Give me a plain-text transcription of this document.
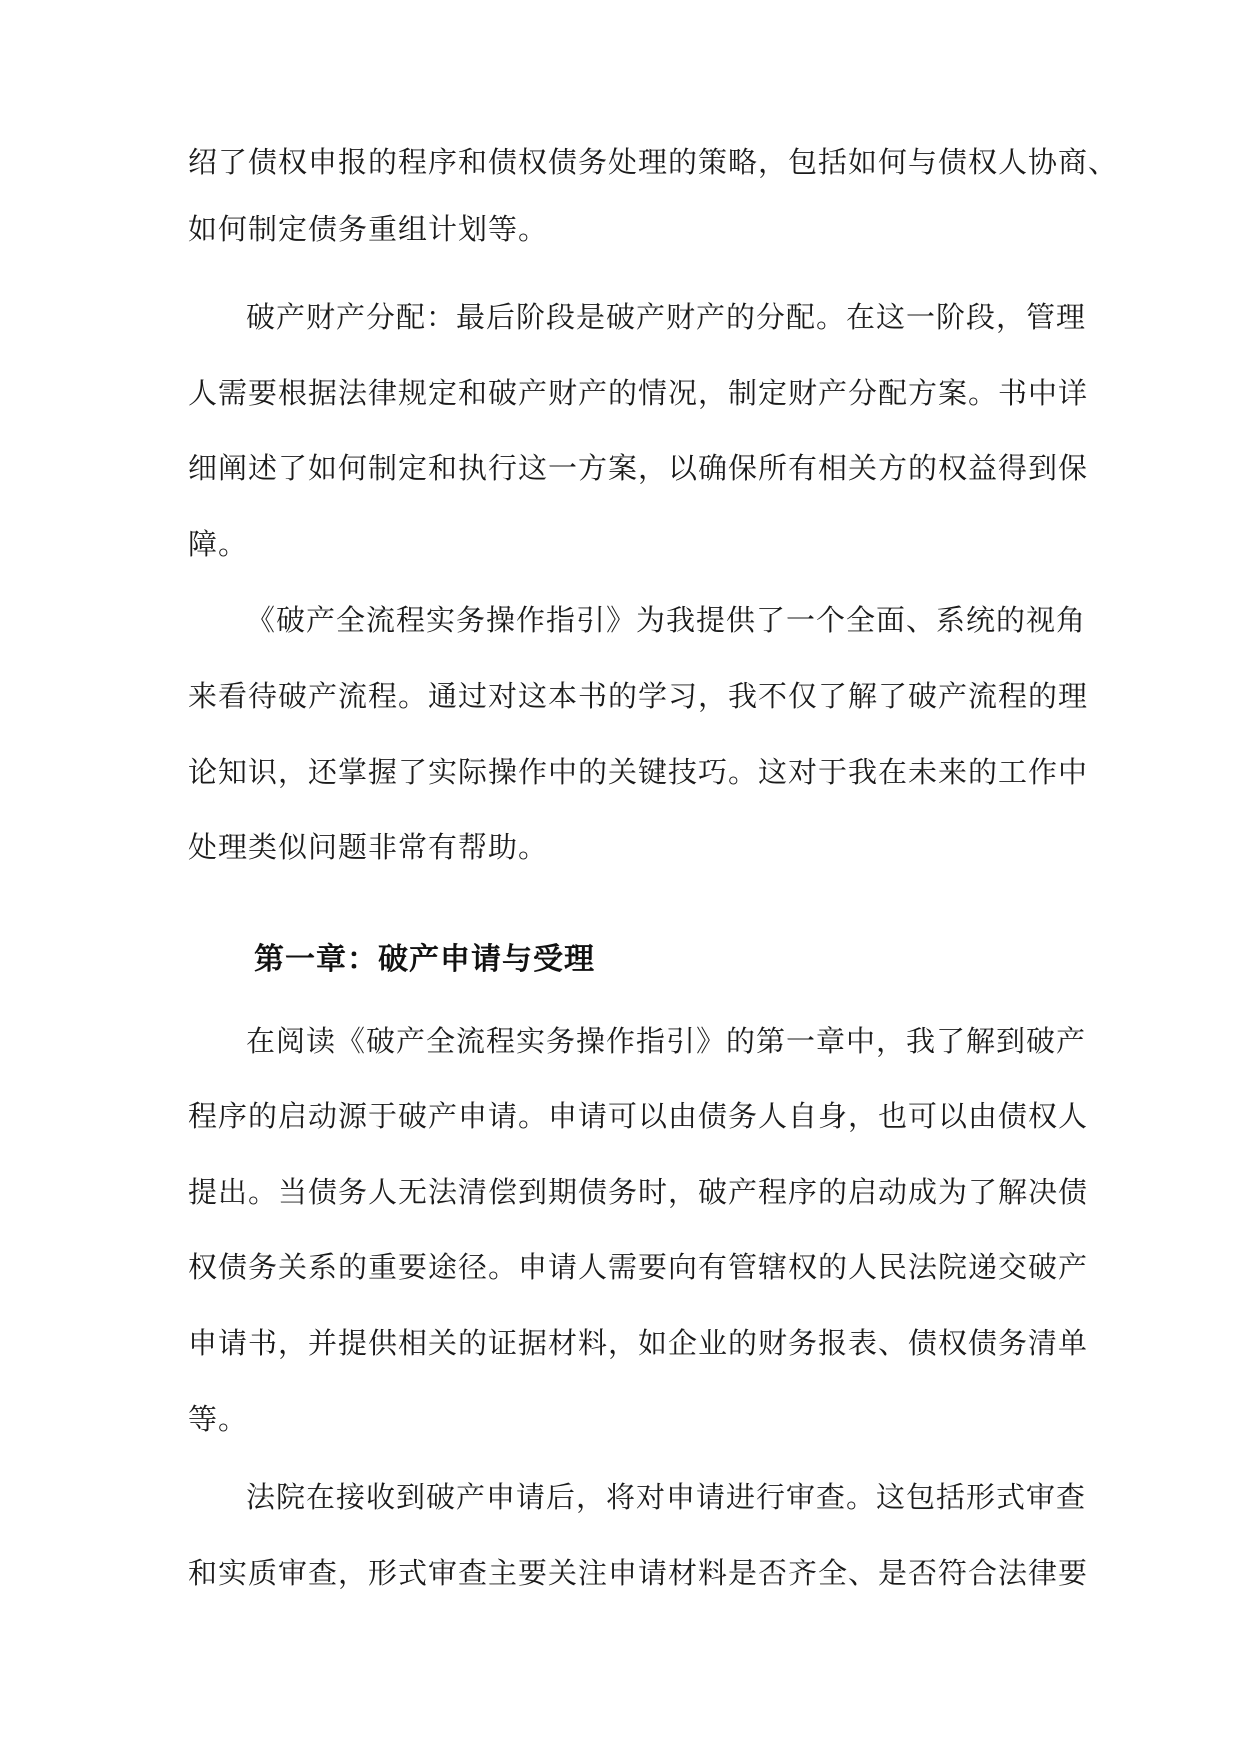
绍了债权申报的程序和债权债务处理的策略，包括如何与债权人协商、
如何制定债务重组计划等。
破产财产分配：最后阶段是破产财产的分配。在这一阶段，管理
人需要根据法律规定和破产财产的情况，制定财产分配方案。书中详
细阐述了如何制定和执行这一方案，以确保所有相关方的权益得到保
障。
《破产全流程实务操作指引》为我提供了一个全面、系统的视角
来看待破产流程。通过对这本书的学习，我不仅了解了破产流程的理
论知识，还掌握了实际操作中的关键技巧。这对于我在未来的工作中
处理类似问题非常有帮助。
第一章：破产申请与受理
在阅读《破产全流程实务操作指引》的第一章中，我了解到破产
程序的启动源于破产申请。申请可以由债务人自身，也可以由债权人
提出。当债务人无法清偿到期债务时，破产程序的启动成为了解决债
权债务关系的重要途径。申请人需要向有管辖权的人民法院递交破产
申请书，并提供相关的证据材料，如企业的财务报表、债权债务清单
等。
法院在接收到破产申请后，将对申请进行审查。这包括形式审查
和实质审查，形式审查主要关注申请材料是否齐全、是否符合法律要
